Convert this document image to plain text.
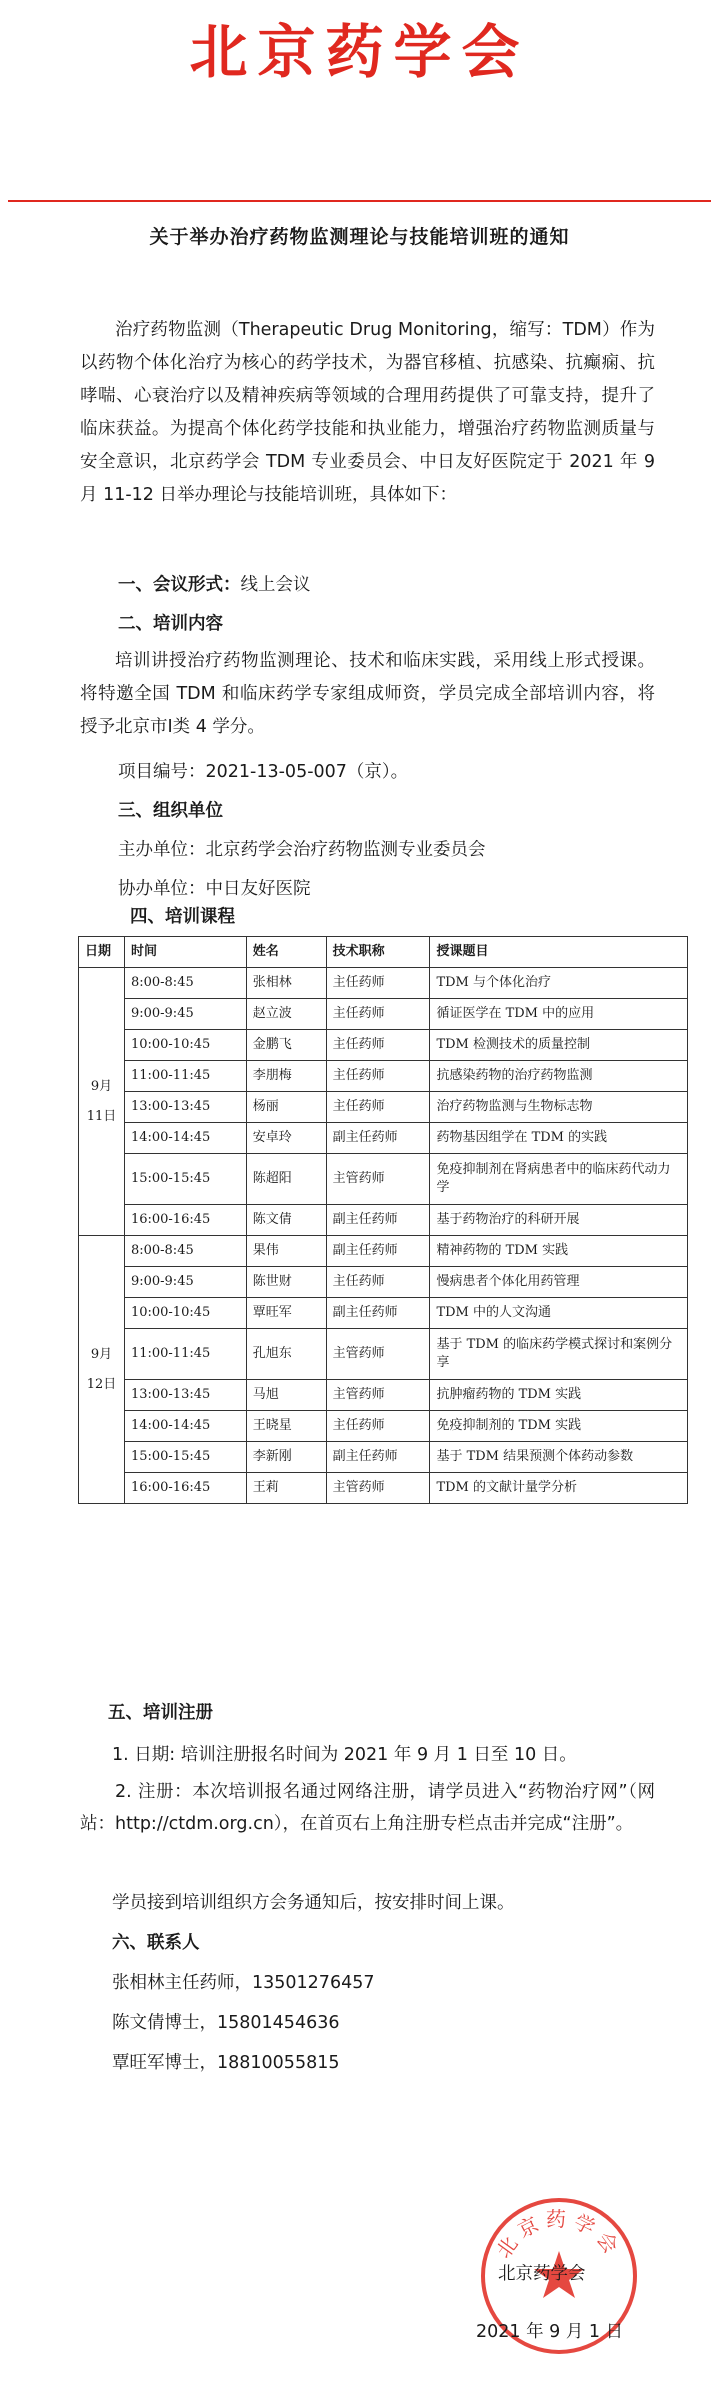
北京药学会
关于举办治疗药物监测理论与技能培训班的通知

治疗药物监测（Therapeutic Drug Monitoring，缩写：TDM）作为以药物个体化治疗为核心的药学技术，为器官移植、抗感染、抗癫痫、抗哮喘、心衰治疗以及精神疾病等领域的合理用药提供了可靠支持，提升了临床获益。为提高个体化药学技能和执业能力，增强治疗药物监测质量与安全意识，北京药学会 TDM 专业委员会、中日友好医院定于 2021 年 9 月 11-12 日举办理论与技能培训班，具体如下：

一、会议形式：线上会议
二、培训内容

培训讲授治疗药物监测理论、技术和临床实践，采用线上形式授课。将特邀全国 TDM 和临床药学专家组成师资，学员完成全部培训内容，将授予北京市Ⅰ类 4 学分。

项目编号：2021-13-05-007（京）。
三、组织单位
主办单位：北京药学会治疗药物监测专业委员会
协办单位：中日友好医院
四、培训课程
日期	时间	姓名	技术职称	授课题目

9月
11日	8:00-8:45	张相林	主任药师	TDM 与个体化治疗
	9:00-9:45	赵立波	主任药师	循证医学在 TDM 中的应用
	10:00-10:45	金鹏飞	主任药师	TDM 检测技术的质量控制
	11:00-11:45	李朋梅	主任药师	抗感染药物的治疗药物监测
	13:00-13:45	杨丽	主任药师	治疗药物监测与生物标志物
	14:00-14:45	安卓玲	副主任药师	药物基因组学在 TDM 的实践
	15:00-15:45	陈超阳	主管药师	免疫抑制剂在肾病患者中的临床药代动力学
	16:00-16:45	陈文倩	副主任药师	基于药物治疗的科研开展

9月
12日	8:00-8:45	果伟	副主任药师	精神药物的 TDM 实践
	9:00-9:45	陈世财	主任药师	慢病患者个体化用药管理
	10:00-10:45	覃旺军	副主任药师	TDM 中的人文沟通
	11:00-11:45	孔旭东	主管药师	基于 TDM 的临床药学模式探讨和案例分享
	13:00-13:45	马旭	主管药师	抗肿瘤药物的 TDM 实践
	14:00-14:45	王晓星	主任药师	免疫抑制剂的 TDM 实践
	15:00-15:45	李新刚	副主任药师	基于 TDM 结果预测个体药动参数
	16:00-16:45	王莉	主管药师	TDM 的文献计量学分析
五、培训注册
1. 日期: 培训注册报名时间为 2021 年 9 月 1 日至 10 日。

2. 注册：本次培训报名通过网络注册，请学员进入“药物治疗网”（网站：http://ctdm.org.cn），在首页右上角注册专栏点击并完成“注册”。

学员接到培训组织方会务通知后，按安排时间上课。
六、联系人
张相林主任药师，13501276457
陈文倩博士，15801454636
覃旺军博士，18810055815
北京药学会
北京药学会
2021 年 9 月 1 日
